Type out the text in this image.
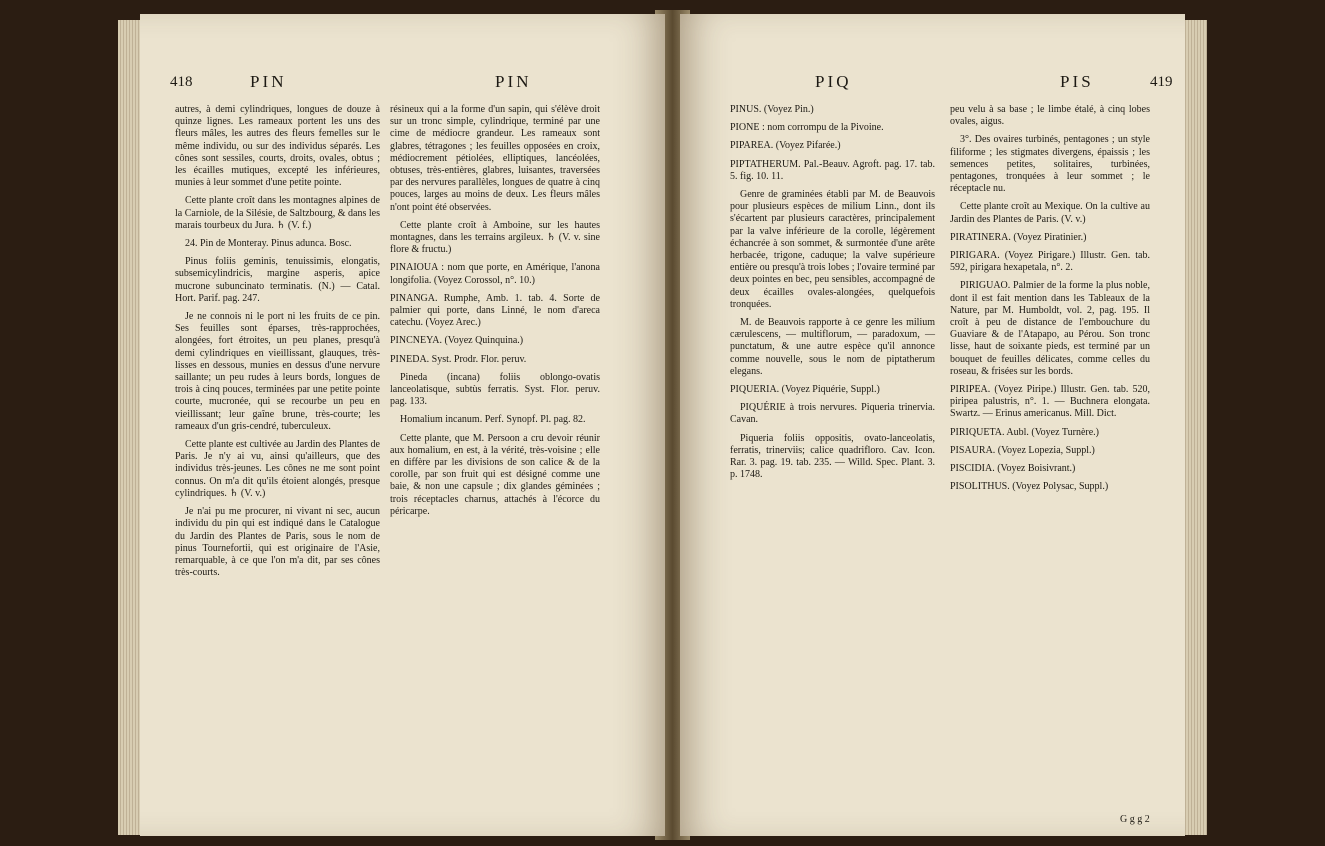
418	PIN	PIN

autres, à demi cylindriques, longues de douze à quinze lignes. Les rameaux portent les uns des fleurs mâles, les autres des fleurs femelles sur le même individu, ou sur des individus séparés. Les cônes sont sessiles, courts, droits, ovales, obtus ; les écailles mutiques, excepté les inférieures, munies à leur sommet d'une petite pointe.

Cette plante croît dans les montagnes alpines de la Carniole, de la Silésie, de Saltzbourg, & dans les marais tourbeux du Jura. ♄ (V. f.)

24. Pin de Monteray. Pinus adunca. Bosc.

Pinus foliis geminis, tenuissimis, elongatis, subsemicylindricis, margine asperis, apice mucrone subuncinato terminatis. (N.) — Catal. Hort. Parif. pag. 247.

Je ne connois ni le port ni les fruits de ce pin. Ses feuilles sont éparses, très-rapprochées, alongées, fort étroites, un peu planes, presqu'à demi cylindriques en vieillissant, glauques, très-lisses en dessous, munies en dessus d'une nervure saillante; un peu rudes à leurs bords, longues de trois à cinq pouces, terminées par une petite pointe courte, mucronée, qui se recourbe un peu en vieillissant; leur gaîne brune, très-courte; les rameaux d'un gris-cendré, tuberculeux.

Cette plante est cultivée au Jardin des Plantes de Paris. Je n'y ai vu, ainsi qu'ailleurs, que des individus très-jeunes. Les cônes ne me sont point connus. On m'a dit qu'ils étoient alongés, presque cylindriques. ♄ (V. v.)

Je n'ai pu me procurer, ni vivant ni sec, aucun individu du pin qui est indiqué dans le Catalogue du Jardin des Plantes de Paris, sous le nom de pinus Tournefortii, qui est originaire de l'Asie, remarquable, à ce que l'on m'a dit, par ses cônes très-courts.

résineux qui a la forme d'un sapin, qui s'élève droit sur un tronc simple, cylindrique, terminé par une cime de médiocre grandeur. Les rameaux sont glabres, tétragones ; les feuilles opposées en croix, médiocrement pétiolées, elliptiques, lancéolées, obtuses, très-entières, glabres, luisantes, traversées par des nervures parallèles, longues de quatre à cinq pouces, larges au moins de deux. Les fleurs mâles n'ont point été observées.

Cette plante croît à Amboine, sur les hautes montagnes, dans les terrains argileux. ♄ (V. v. sine flore & fructu.)

PINAIOUA : nom que porte, en Amérique, l'anona longifolia. (Voyez Corossol, n°. 10.)

PINANGA. Rumphe, Amb. 1. tab. 4. Sorte de palmier qui porte, dans Linné, le nom d'areca catechu. (Voyez Arec.)

PINCNEYA. (Voyez Quinquina.)

PINEDA. Syst. Prodr. Flor. peruv.

Pineda (incana) foliis oblongo-ovatis lanceolatisque, subtùs ferratis. Syst. Flor. peruv. pag. 133.

Homalium incanum. Perf. Synopf. Pl. pag. 82.

Cette plante, que M. Persoon a cru devoir réunir aux homalium, en est, à la vérité, très-voisine ; elle en diffère par les divisions de son calice & de la corolle, par son fruit qui est désigné comme une baie, & non une capsule ; dix glandes géminées ; trois réceptacles charnus, attachés à l'écorce du péricarpe.

PIQ	PIS	419

PINUS. (Voyez Pin.)

PIONE : nom corrompu de la Pivoine.

PIPAREA. (Voyez Pifarée.)

PIPTATHERUM. Pal.-Beauv. Agroft. pag. 17. tab. 5. fig. 10. 11.

Genre de graminées établi par M. de Beauvois pour plusieurs espèces de milium Linn., dont ils s'écartent par plusieurs caractères, principalement par la valve inférieure de la corolle, légèrement échancrée à son sommet, & surmontée d'une arête herbacée, trigone, caduque; la valve supérieure entière ou presqu'à trois lobes ; l'ovaire terminé par deux pointes en bec, peu sensibles, accompagné de deux écailles ovales-alongées, quelquefois tronquées.

M. de Beauvois rapporte à ce genre les milium cærulescens, — multiflorum, — paradoxum, — punctatum, & une autre espèce qu'il annonce comme nouvelle, sous le nom de piptatherum elegans.

PIQUERIA. (Voyez Piquérie, Suppl.)

PIQUÉRIE à trois nervures. Piqueria trinervia. Cavan.

Piqueria foliis oppositis, ovato-lanceolatis, ferratis, trinerviis; calice quadrifloro. Cav. Icon. Rar. 3. pag. 19. tab. 235. — Willd. Spec. Plant. 3. p. 1748.

peu velu à sa base ; le limbe étalé, à cinq lobes ovales, aigus.

3°. Des ovaires turbinés, pentagones ; un style filiforme ; les stigmates divergens, épaissis ; les semences petites, solitaires, turbinées, pentagones, tronquées à leur sommet ; le réceptacle nu.

Cette plante croît au Mexique. On la cultive au Jardin des Plantes de Paris. (V. v.)

PIRATINERA. (Voyez Piratinier.)

PIRIGARA. (Voyez Pirigare.) Illustr. Gen. tab. 592, pirigara hexapetala, n°. 2.

PIRIGUAO. Palmier de la forme la plus noble, dont il est fait mention dans les Tableaux de la Nature, par M. Humboldt, vol. 2, pag. 195. Il croît à peu de distance de l'embouchure du Guaviare & de l'Atapapo, au Pérou. Son tronc lisse, haut de soixante pieds, est terminé par un bouquet de feuilles délicates, comme celles du roseau, & frisées sur les bords.

PIRIPEA. (Voyez Piripe.) Illustr. Gen. tab. 520, piripea palustris, n°. 1. — Buchnera elongata. Swartz. — Erinus americanus. Mill. Dict.

PIRIQUETA. Aubl. (Voyez Turnère.)

PISAURA. (Voyez Lopezia, Suppl.)

PISCIDIA. (Voyez Boisivrant.)

PISOLITHUS. (Voyez Polysac, Suppl.)

G g g 2
